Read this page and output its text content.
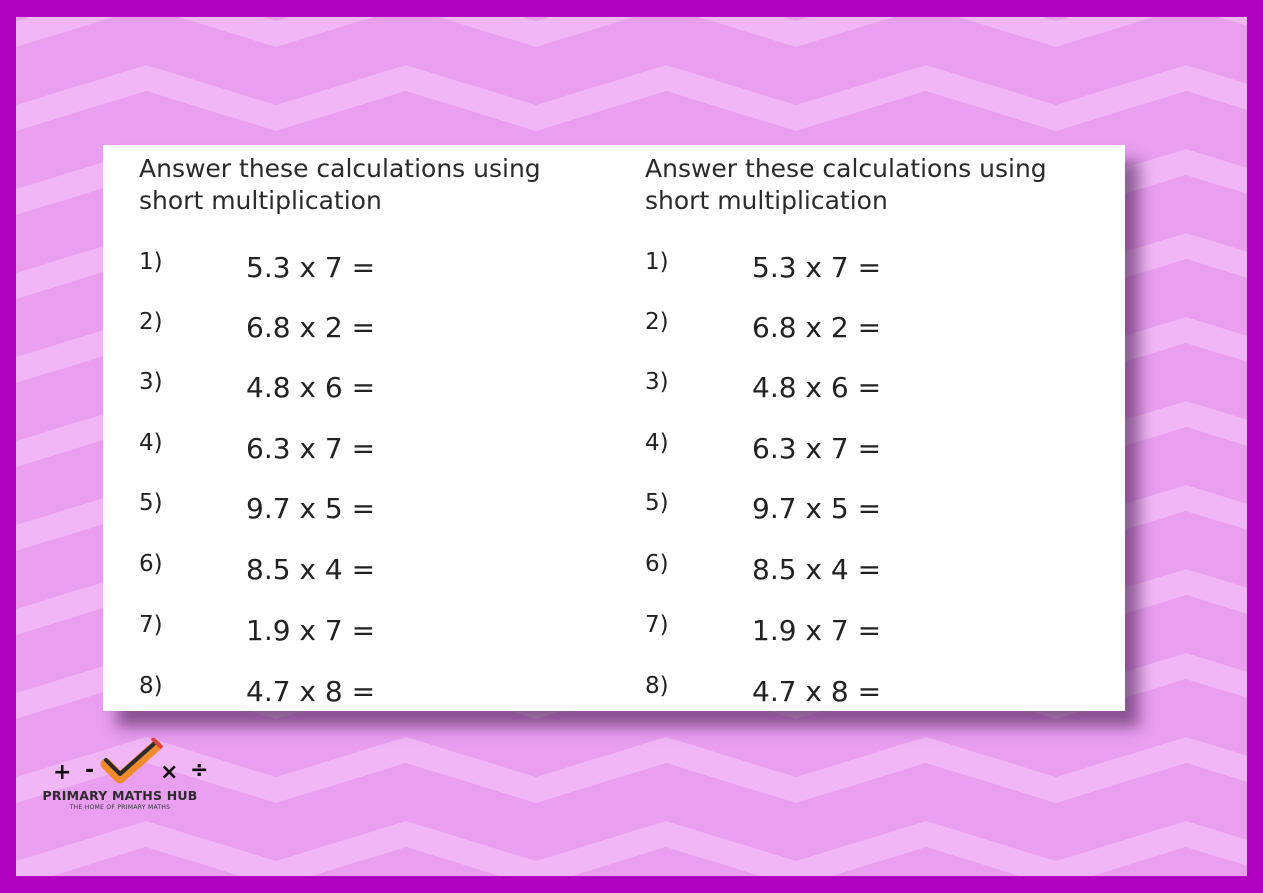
Answer these calculations using short multiplication

1)	5.3 x 7 =
2)	6.8 x 2 =
3)	4.8 x 6 =
4)	6.3 x 7 =
5)	9.7 x 5 =
6)	8.5 x 4 =
7)	1.9 x 7 =
8)	4.7 x 8 =

Answer these calculations using short multiplication

1)	5.3 x 7 =
2)	6.8 x 2 =
3)	4.8 x 6 =
4)	6.3 x 7 =
5)	9.7 x 5 =
6)	8.5 x 4 =
7)	1.9 x 7 =
8)	4.7 x 8 =
+ -	× ÷
PRIMARY MATHS HUB
THE HOME OF PRIMARY MATHS
